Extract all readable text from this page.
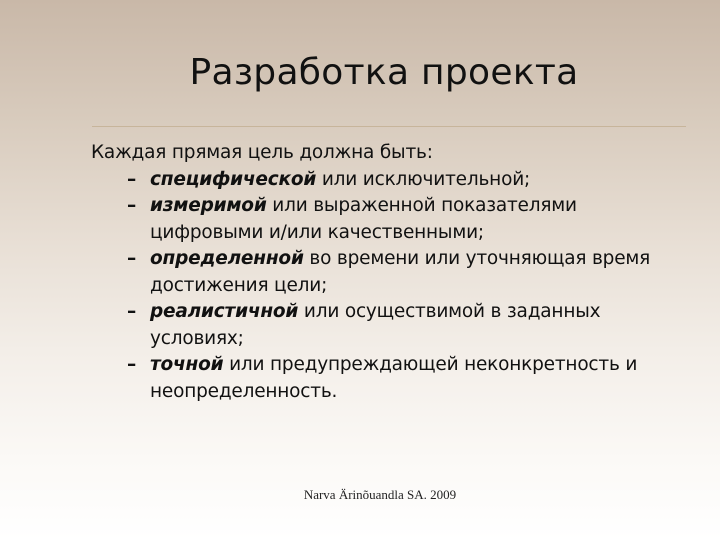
Разработка проекта

Каждая прямая цель должна быть:

– специфической или исключительной;
– измеримой или выраженной показателями цифровыми и/или качественными;
– определенной во времени или уточняющая время достижения цели;
– реалистичной или осуществимой в заданных условиях;
– точной или предупреждающей неконкретность и неопределенность.
Narva Ärinõuandla SA. 2009
